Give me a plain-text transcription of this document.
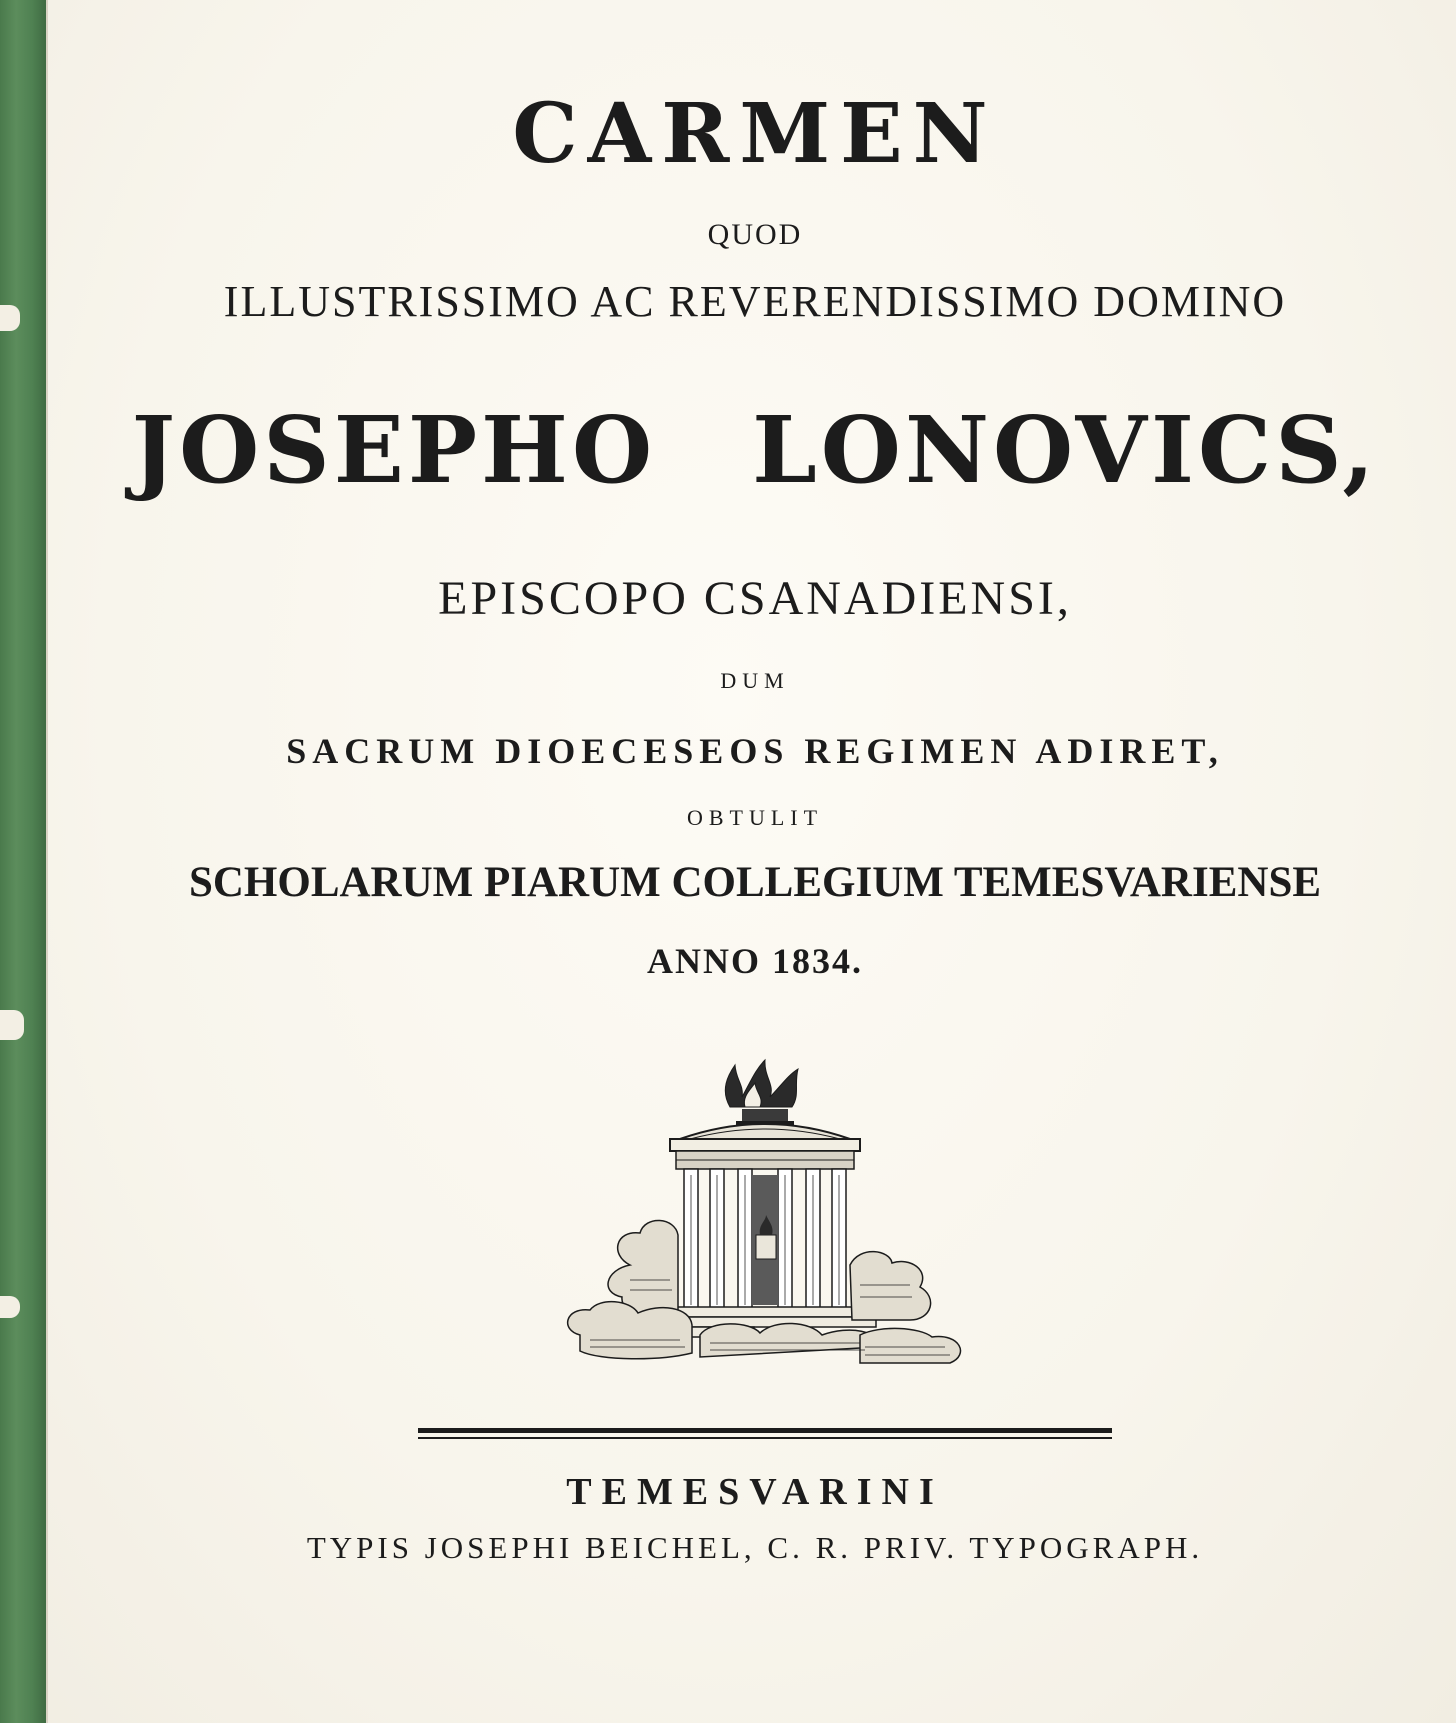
CARMEN
QUOD
ILLUSTRISSIMO AC REVERENDISSIMO DOMINO
JOSEPHO LONOVICS,
EPISCOPO CSANADIENSI,
DUM
SACRUM DIOECESEOS REGIMEN ADIRET,
OBTULIT
SCHOLARUM PIARUM COLLEGIUM TEMESVARIENSE
ANNO 1834.
TEMESVARINI
TYPIS JOSEPHI BEICHEL, C. R. PRIV. TYPOGRAPH.
